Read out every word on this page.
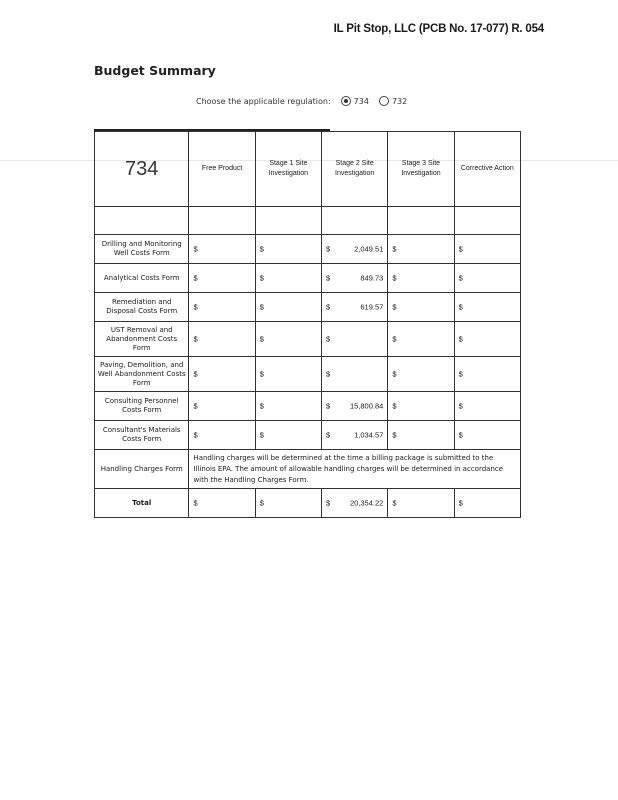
IL Pit Stop, LLC (PCB No. 17-077) R. 054
Budget Summary
Choose the applicable regulation:	734	732
734	Free Product	Stage 1 Site Investigation	Stage 2 Site Investigation	Stage 3 Site Investigation	Corrective Action

Drilling and Monitoring Well Costs Form	$	$	$ 2,049.51	$	$

Analytical Costs Form	$	$	$ 849.73	$	$

Remediation and Disposal Costs Form	$	$	$ 619.57	$	$

UST Removal and Abandonment Costs Form	$	$	$	$	$

Paving, Demolition, and Well Abandonment Costs Form	$	$	$	$	$

Consulting Personnel Costs Form	$	$	$ 15,800.84	$	$

Consultant's Materials Costs Form	$	$	$ 1,034.57	$	$

Handling Charges Form	Handling charges will be determined at the time a billing package is submitted to the Illinois EPA. The amount of allowable handling charges will be determined in accordance with the Handling Charges Form.				
Total	$	$	$ 20,354.22	$	$
